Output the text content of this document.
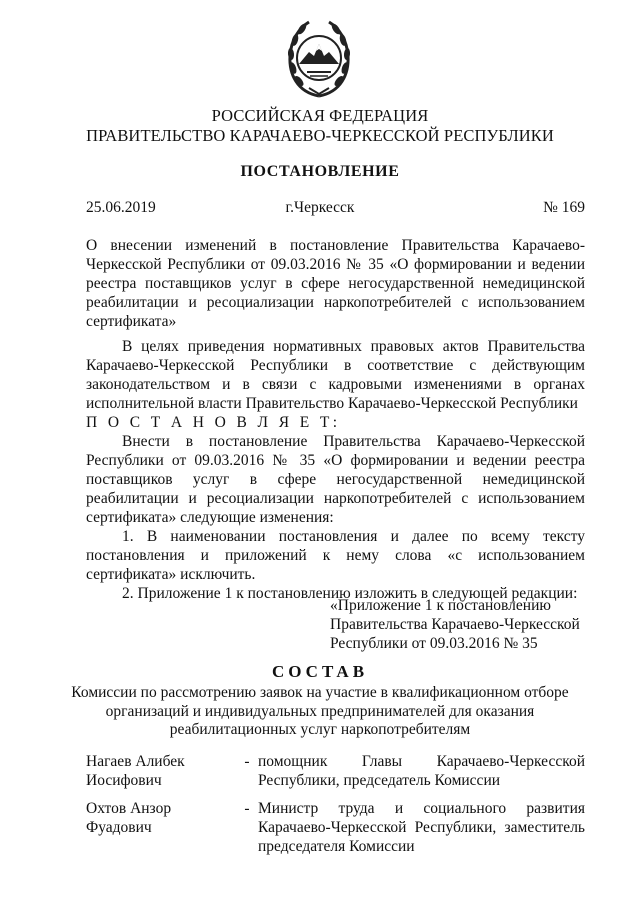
РОССИЙСКАЯ ФЕДЕРАЦИЯ
ПРАВИТЕЛЬСТВО КАРАЧАЕВО-ЧЕРКЕССКОЙ РЕСПУБЛИКИ
ПОСТАНОВЛЕНИЕ
25.06.2019	г.Черкесск	№ 169
О внесении изменений в постановление Правительства Карачаево-Черкесской Республики от 09.03.2016 № 35 «О формировании и ведении реестра поставщиков услуг в сфере негосударственной немедицинской реабилитации и ресоциализации наркопотребителей с использованием сертификата»

В целях приведения нормативных правовых актов Правительства Карачаево-Черкесской Республики в соответствие с действующим законодательством и в связи с кадровыми изменениями в органах исполнительной власти Правительство Карачаево-Черкесской Республики

П О С Т А Н О В Л Я Е Т:

Внести в постановление Правительства Карачаево-Черкесской Республики от 09.03.2016 № 35 «О формировании и ведении реестра поставщиков услуг в сфере негосударственной немедицинской реабилитации и ресоциализации наркопотребителей с использованием сертификата» следующие изменения:

1. В наименовании постановления и далее по всему тексту постановления и приложений к нему слова «с использованием сертификата» исключить.

2. Приложение 1 к постановлению изложить в следующей редакции:

«Приложение 1 к постановлению
Правительства Карачаево-Черкесской
Республики от 09.03.2016 № 35
СОСТАВ
Комиссии по рассмотрению заявок на участие в квалификационном отборе
организаций и индивидуальных предпринимателей для оказания
реабилитационных услуг наркопотребителям
Нагаев Алибек
Иосифович
- помощник Главы Карачаево-Черкесской Республики, председатель Комиссии
Охтов Анзор
Фуадович
- Министр труда и социального развития Карачаево-Черкесской Республики, заместитель председателя Комиссии
